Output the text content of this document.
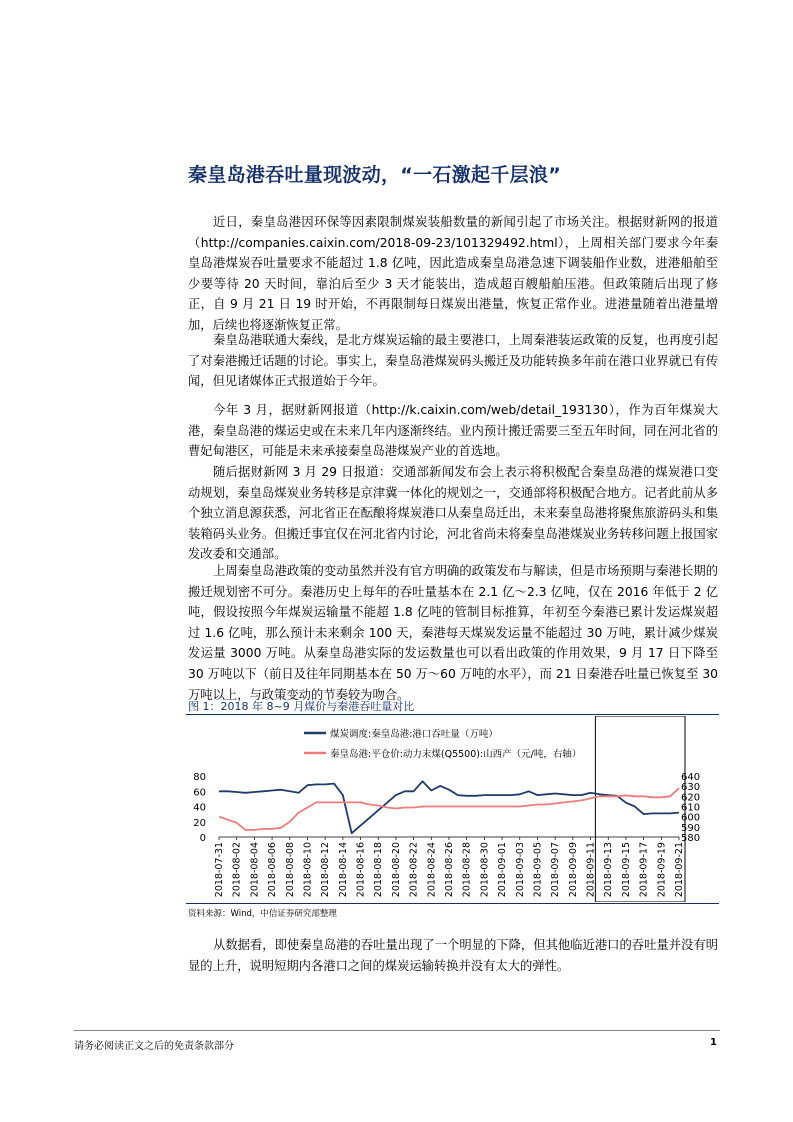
秦皇岛港吞吐量现波动，“一石激起千层浪”

近日，秦皇岛港因环保等因素限制煤炭装船数量的新闻引起了市场关注。根据财新网的报道（http://companies.caixin.com/2018-09-23/101329492.html），上周相关部门要求今年秦皇岛港煤炭吞吐量要求不能超过 1.8 亿吨，因此造成秦皇岛港急速下调装船作业数，进港船舶至少要等待 20 天时间，靠泊后至少 3 天才能装出，造成超百艘船舶压港。但政策随后出现了修正，自 9 月 21 日 19 时开始，不再限制每日煤炭出港量，恢复正常作业。进港量随着出港量增加，后续也将逐渐恢复正常。

秦皇岛港联通大秦线，是北方煤炭运输的最主要港口，上周秦港装运政策的反复，也再度引起了对秦港搬迁话题的讨论。事实上，秦皇岛港煤炭码头搬迁及功能转换多年前在港口业界就已有传闻，但见诸媒体正式报道始于今年。

今年 3 月，据财新网报道（http://k.caixin.com/web/detail_193130），作为百年煤炭大港，秦皇岛港的煤运史或在未来几年内逐渐终结。业内预计搬迁需要三至五年时间，同在河北省的曹妃甸港区，可能是未来承接秦皇岛港煤炭产业的首选地。

随后据财新网 3 月 29 日报道：交通部新闻发布会上表示将积极配合秦皇岛港的煤炭港口变动规划，秦皇岛煤炭业务转移是京津冀一体化的规划之一，交通部将积极配合地方。记者此前从多个独立消息源获悉，河北省正在酝酿将煤炭港口从秦皇岛迁出，未来秦皇岛港将聚焦旅游码头和集装箱码头业务。但搬迁事宜仅在河北省内讨论，河北省尚未将秦皇岛港煤炭业务转移问题上报国家发改委和交通部。

上周秦皇岛港政策的变动虽然并没有官方明确的政策发布与解读，但是市场预期与秦港长期的搬迁规划密不可分。秦港历史上每年的吞吐量基本在 2.1 亿～2.3 亿吨，仅在 2016 年低于 2 亿吨，假设按照今年煤炭运输量不能超 1.8 亿吨的管制目标推算，年初至今秦港已累计发运煤炭超过 1.6 亿吨，那么预计未来剩余 100 天，秦港每天煤炭发运量不能超过 30 万吨，累计减少煤炭发运量 3000 万吨。从秦皇岛港实际的发运数量也可以看出政策的作用效果，9 月 17 日下降至 30 万吨以下（前日及往年同期基本在 50 万～60 万吨的水平），而 21 日秦港吞吐量已恢复至 30 万吨以上，与政策变动的节奏较为吻合。

图 1：2018 年 8~9 月煤价与秦港吞吐量对比
煤炭调度:秦皇岛港:港口吞吐量（万吨）
秦皇岛港:平仓价:动力末煤(Q5500):山西产（元/吨，右轴）
0
20
40
60
80
580
590
600
610
620
630
640
2018-07-31 2018-08-02 2018-08-04 2018-08-06 2018-08-08 2018-08-10 2018-08-12 2018-08-14 2018-08-16 2018-08-18 2018-08-20 2018-08-22 2018-08-24 2018-08-26 2018-08-28 2018-08-30 2018-09-01 2018-09-03 2018-09-05 2018-09-07 2018-09-09 2018-09-11 2018-09-13 2018-09-15 2018-09-17 2018-09-19 2018-09-21
资料来源：Wind，中信证券研究部整理

从数据看，即使秦皇岛港的吞吐量出现了一个明显的下降，但其他临近港口的吞吐量并没有明显的上升，说明短期内各港口之间的煤炭运输转换并没有太大的弹性。

请务必阅读正文之后的免责条款部分	1
